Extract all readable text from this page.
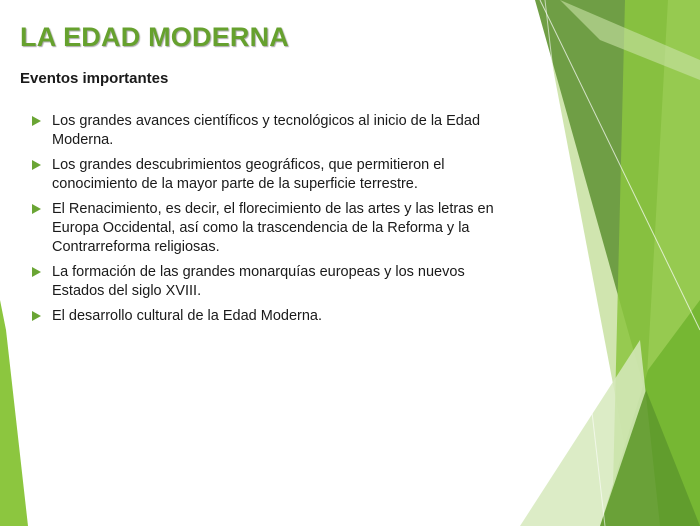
LA EDAD MODERNA
Eventos importantes
Los grandes avances científicos y tecnológicos al inicio de la Edad Moderna.
Los grandes descubrimientos geográficos, que permitieron el conocimiento de la mayor parte de la superficie terrestre.
El Renacimiento, es decir, el florecimiento de las artes y las letras en Europa Occidental, así como la trascendencia de la Reforma y la Contrarreforma religiosas.
La formación de las grandes monarquías europeas y los nuevos Estados del siglo XVIII.
El desarrollo cultural de la Edad Moderna.
